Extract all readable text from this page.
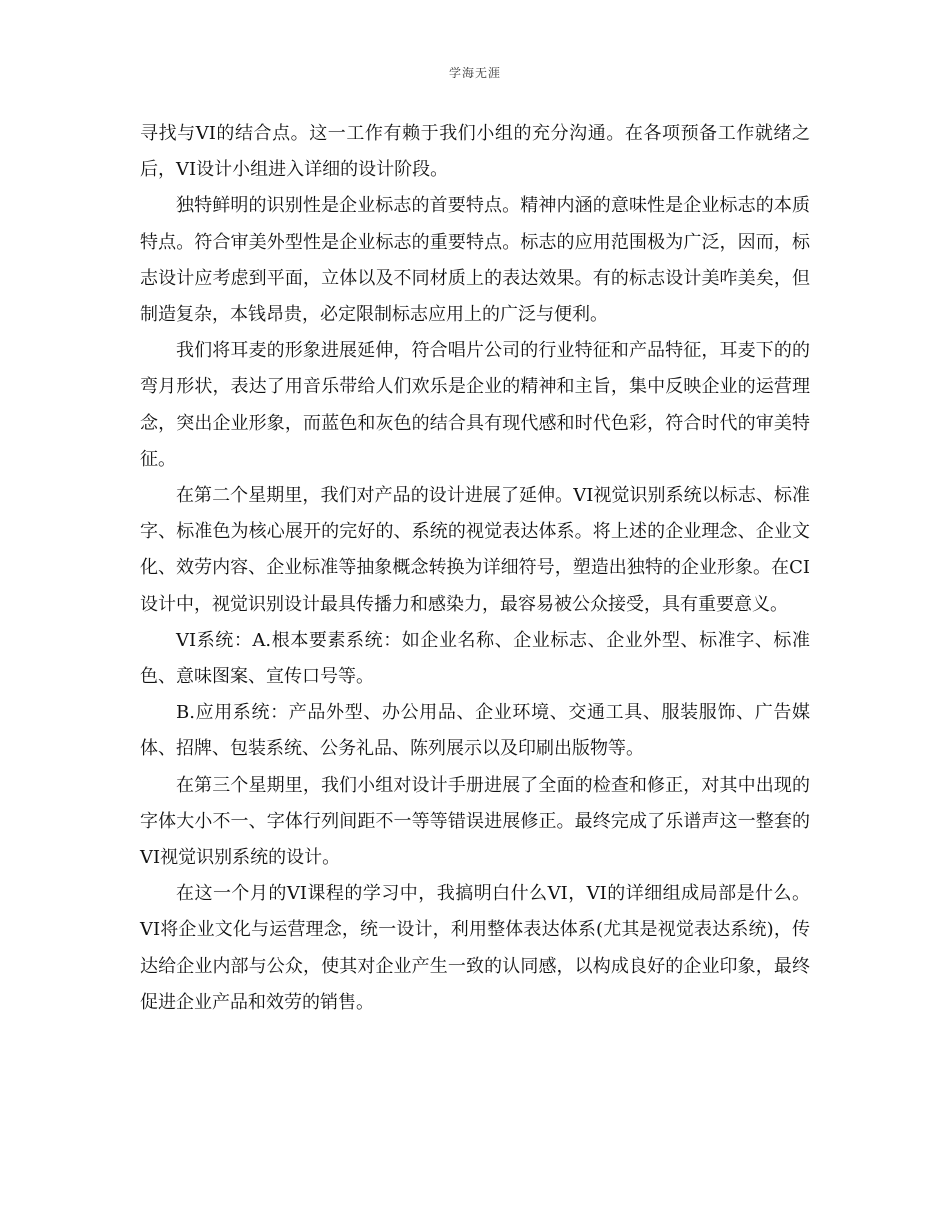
学海无涯

寻找与VI的结合点。这一工作有赖于我们小组的充分沟通。在各项预备工作就绪之后，VI设计小组进入详细的设计阶段。

独特鲜明的识别性是企业标志的首要特点。精神内涵的意味性是企业标志的本质特点。符合审美外型性是企业标志的重要特点。标志的应用范围极为广泛，因而，标志设计应考虑到平面，立体以及不同材质上的表达效果。有的标志设计美咋美矣，但制造复杂，本钱昂贵，必定限制标志应用上的广泛与便利。

我们将耳麦的形象进展延伸，符合唱片公司的行业特征和产品特征，耳麦下的的弯月形状，表达了用音乐带给人们欢乐是企业的精神和主旨，集中反映企业的运营理念，突出企业形象，而蓝色和灰色的结合具有现代感和时代色彩，符合时代的审美特征。

在第二个星期里，我们对产品的设计进展了延伸。VI视觉识别系统以标志、标准字、标准色为核心展开的完好的、系统的视觉表达体系。将上述的企业理念、企业文化、效劳内容、企业标准等抽象概念转换为详细符号，塑造出独特的企业形象。在CI设计中，视觉识别设计最具传播力和感染力，最容易被公众接受，具有重要意义。

VI系统：A.根本要素系统：如企业名称、企业标志、企业外型、标准字、标准色、意味图案、宣传口号等。

B.应用系统：产品外型、办公用品、企业环境、交通工具、服装服饰、广告媒体、招牌、包装系统、公务礼品、陈列展示以及印刷出版物等。

在第三个星期里，我们小组对设计手册进展了全面的检查和修正，对其中出现的字体大小不一、字体行列间距不一等等错误进展修正。最终完成了乐谱声这一整套的VI视觉识别系统的设计。

在这一个月的VI课程的学习中，我搞明白什么VI，VI的详细组成局部是什么。VI将企业文化与运营理念，统一设计，利用整体表达体系(尤其是视觉表达系统)，传达给企业内部与公众，使其对企业产生一致的认同感，以构成良好的企业印象，最终促进企业产品和效劳的销售。
